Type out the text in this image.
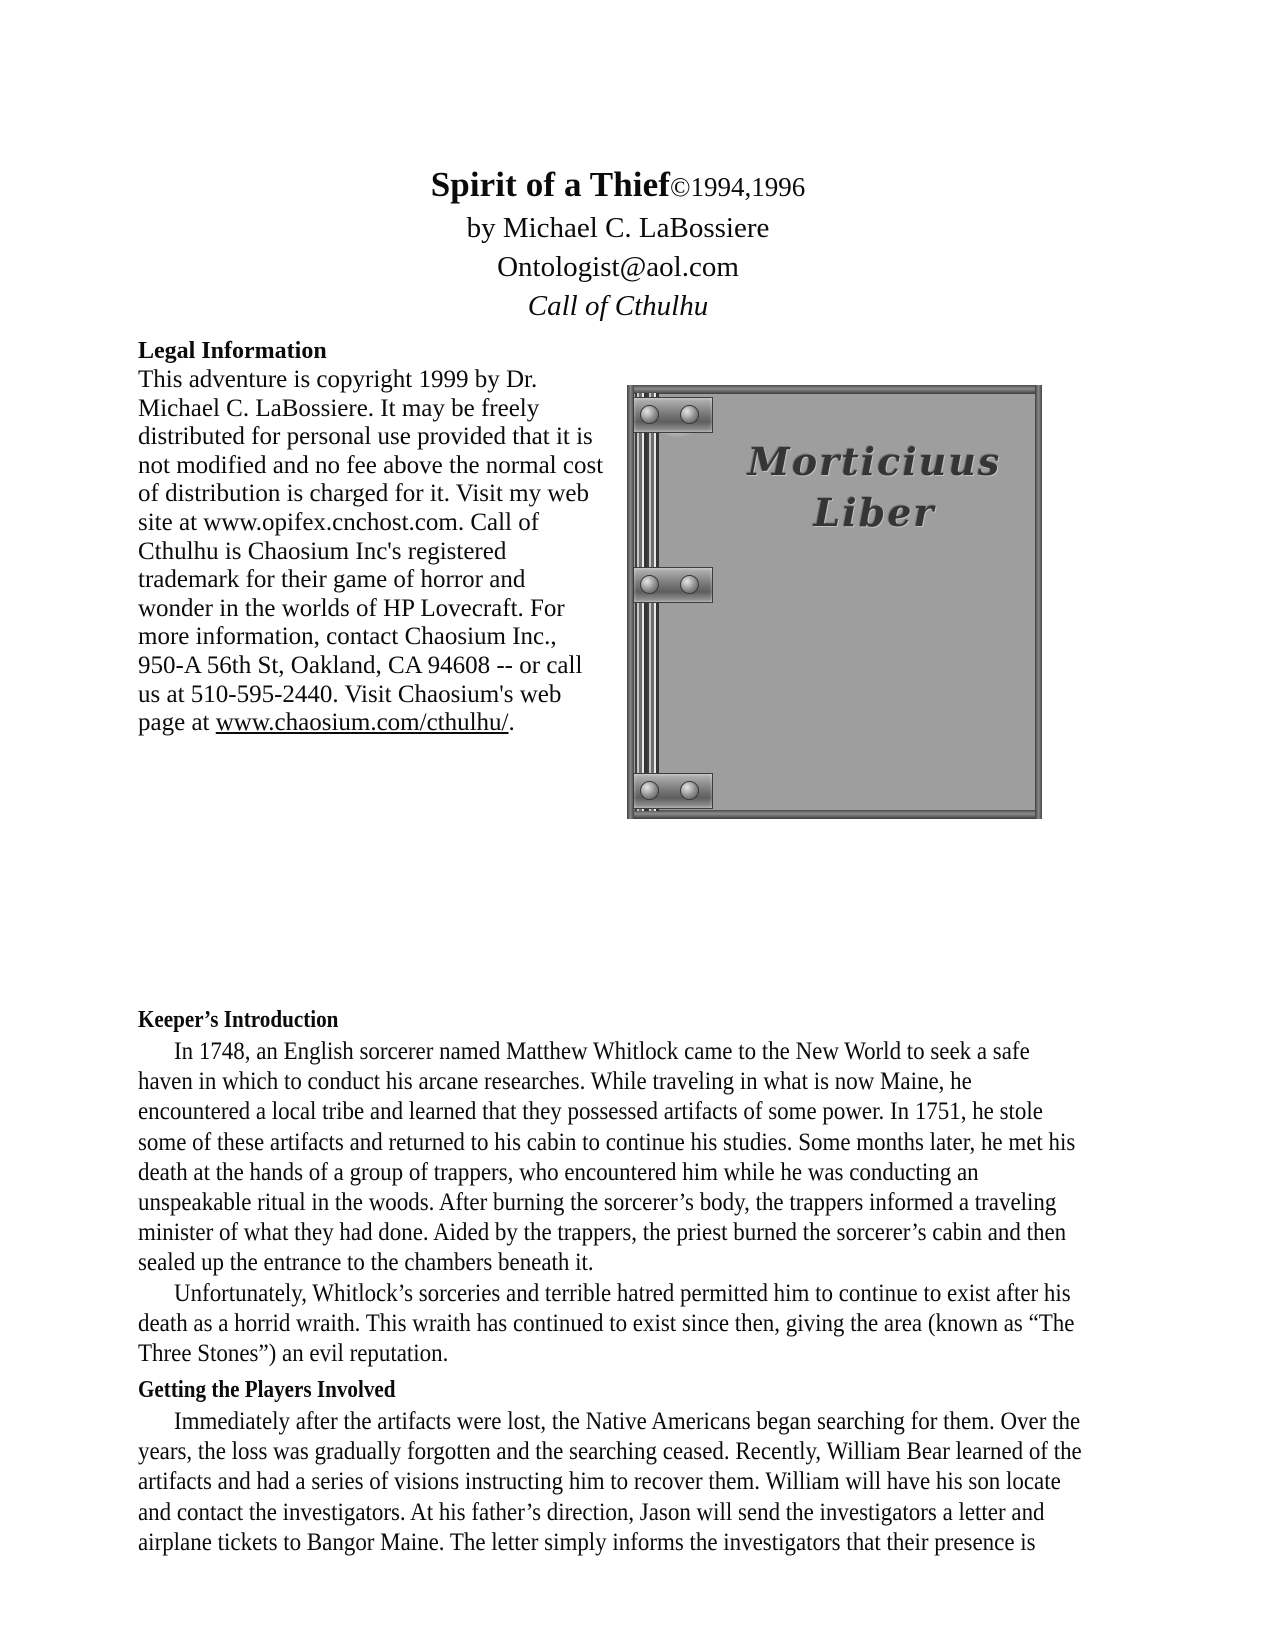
Spirit of a Thief©1994,1996
by Michael C. LaBossiere
Ontologist@aol.com
Call of Cthulhu
Morticiuus
Liber
Legal Information
This adventure is copyright 1999 by Dr. Michael C. LaBossiere. It may be freely distributed for personal use provided that it is not modified and no fee above the normal cost of distribution is charged for it. Visit my web site at www.opifex.cnchost.com. Call of Cthulhu is Chaosium Inc's registered trademark for their game of horror and wonder in the worlds of HP Lovecraft. For more information, contact Chaosium Inc., 950-A 56th St, Oakland, CA 94608 -- or call us at 510-595-2440. Visit Chaosium's web page at www.chaosium.com/cthulhu/.
Keeper’s Introduction

In 1748, an English sorcerer named Matthew Whitlock came to the New World to seek a safe haven in which to conduct his arcane researches. While traveling in what is now Maine, he encountered a local tribe and learned that they possessed artifacts of some power. In 1751, he stole some of these artifacts and returned to his cabin to continue his studies. Some months later, he met his death at the hands of a group of trappers, who encountered him while he was conducting an unspeakable ritual in the woods. After burning the sorcerer’s body, the trappers informed a traveling minister of what they had done. Aided by the trappers, the priest burned the sorcerer’s cabin and then sealed up the entrance to the chambers beneath it.

Unfortunately, Whitlock’s sorceries and terrible hatred permitted him to continue to exist after his death as a horrid wraith. This wraith has continued to exist since then, giving the area (known as “The Three Stones”) an evil reputation.

Getting the Players Involved

Immediately after the artifacts were lost, the Native Americans began searching for them. Over the years, the loss was gradually forgotten and the searching ceased. Recently, William Bear learned of the artifacts and had a series of visions instructing him to recover them. William will have his son locate and contact the investigators. At his father’s direction, Jason will send the investigators a letter and airplane tickets to Bangor Maine. The letter simply informs the investigators that their presence is
